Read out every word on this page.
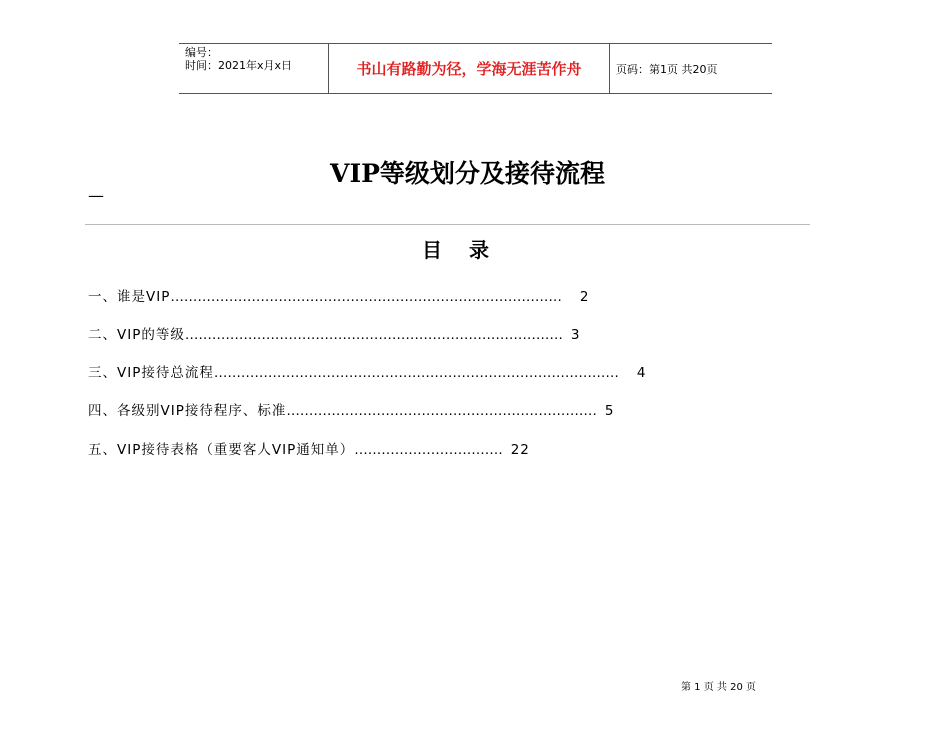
编号：
时间：2021年x月x日	书山有路勤为径，学海无涯苦作舟	页码：第1页 共20页
VIP等级划分及接待流程
—
目 录
一、谁是VIP…………………………………………………………………………… 2
二、VIP的等级………………………………………………………………………… 3
三、VIP接待总流程……………………………………………………………………………… 4
四、各级别VIP接待程序、标准…………………………………………………………… 5
五、VIP接待表格（重要客人VIP通知单）…………………………… 22
第 1 页 共 20 页
